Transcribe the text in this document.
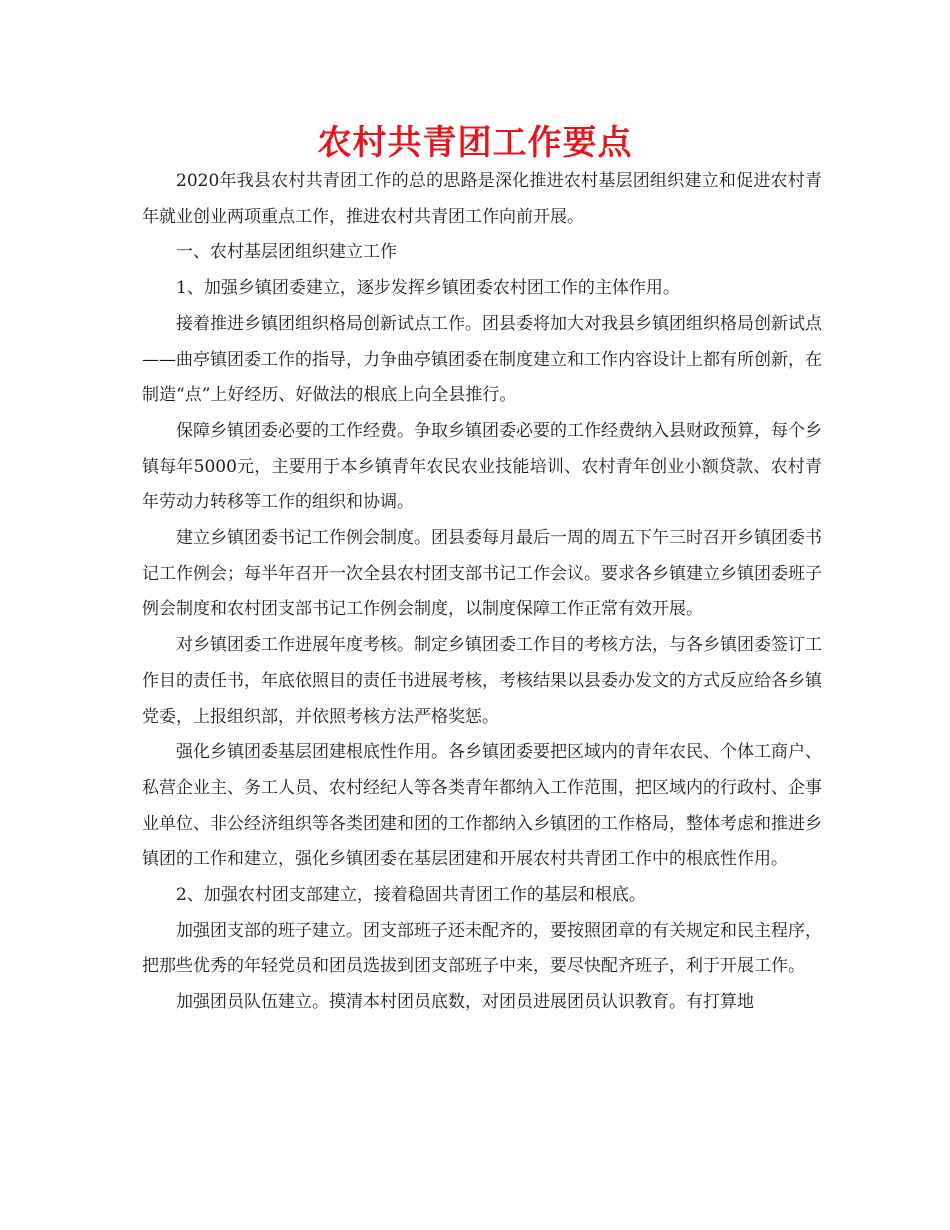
农村共青团工作要点

2020年我县农村共青团工作的总的思路是深化推进农村基层团组织建立和促进农村青年就业创业两项重点工作，推进农村共青团工作向前开展。

一、农村基层团组织建立工作

1、加强乡镇团委建立，逐步发挥乡镇团委农村团工作的主体作用。

接着推进乡镇团组织格局创新试点工作。团县委将加大对我县乡镇团组织格局创新试点——曲亭镇团委工作的指导，力争曲亭镇团委在制度建立和工作内容设计上都有所创新，在制造“点”上好经历、好做法的根底上向全县推行。

保障乡镇团委必要的工作经费。争取乡镇团委必要的工作经费纳入县财政预算，每个乡镇每年5000元，主要用于本乡镇青年农民农业技能培训、农村青年创业小额贷款、农村青年劳动力转移等工作的组织和协调。

建立乡镇团委书记工作例会制度。团县委每月最后一周的周五下午三时召开乡镇团委书记工作例会；每半年召开一次全县农村团支部书记工作会议。要求各乡镇建立乡镇团委班子例会制度和农村团支部书记工作例会制度，以制度保障工作正常有效开展。

对乡镇团委工作进展年度考核。制定乡镇团委工作目的考核方法，与各乡镇团委签订工作目的责任书，年底依照目的责任书进展考核，考核结果以县委办发文的方式反应给各乡镇党委，上报组织部，并依照考核方法严格奖惩。

强化乡镇团委基层团建根底性作用。各乡镇团委要把区域内的青年农民、个体工商户、私营企业主、务工人员、农村经纪人等各类青年都纳入工作范围，把区域内的行政村、企事业单位、非公经济组织等各类团建和团的工作都纳入乡镇团的工作格局，整体考虑和推进乡镇团的工作和建立，强化乡镇团委在基层团建和开展农村共青团工作中的根底性作用。

2、加强农村团支部建立，接着稳固共青团工作的基层和根底。

加强团支部的班子建立。团支部班子还未配齐的，要按照团章的有关规定和民主程序，把那些优秀的年轻党员和团员选拔到团支部班子中来，要尽快配齐班子，利于开展工作。

加强团员队伍建立。摸清本村团员底数，对团员进展团员认识教育。有打算地
